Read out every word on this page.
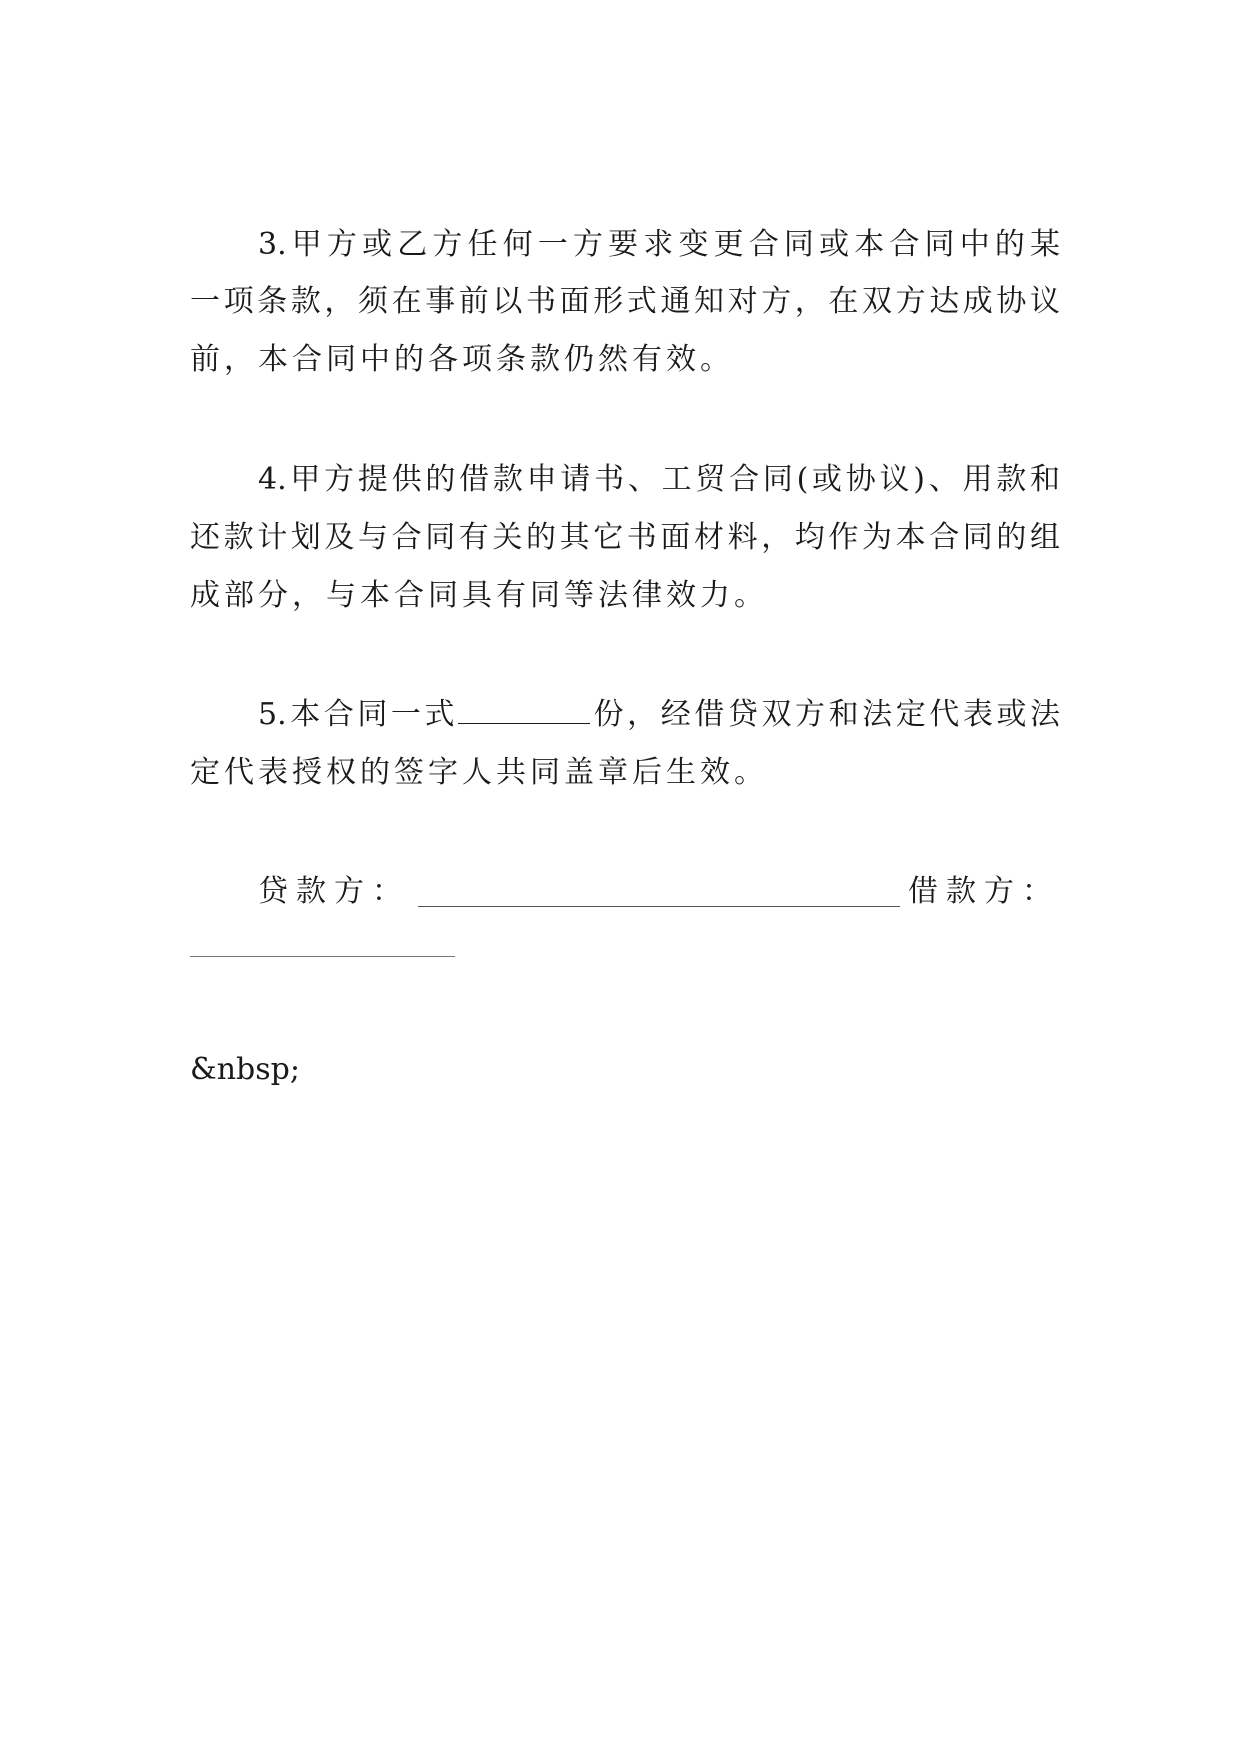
3.甲方或乙方任何一方要求变更合同或本合同中的某
一项条款，须在事前以书面形式通知对方，在双方达成协议
前，本合同中的各项条款仍然有效。
4.甲方提供的借款申请书、工贸合同(或协议)、用款和
还款计划及与合同有关的其它书面材料，均作为本合同的组
成部分，与本合同具有同等法律效力。
5.本合同一式	份，经借贷双方和法定代表或法
定代表授权的签字人共同盖章后生效。
贷款方：	借款方：
&nbsp;
